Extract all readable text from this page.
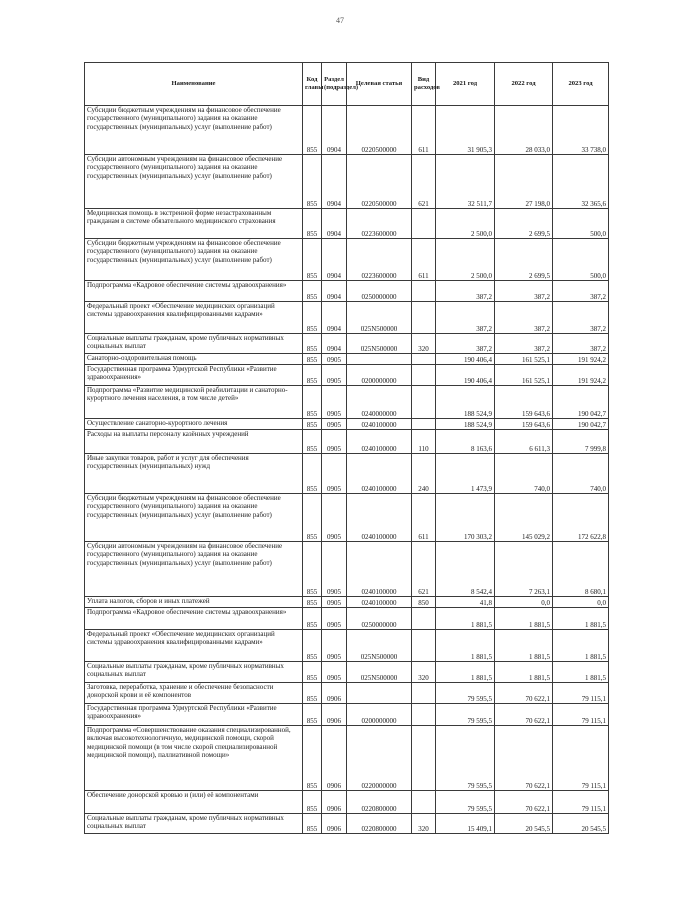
47
Наименование	Код главы	Раздел (подраздел)	Целевая статья	Вид расходов	2021 год	2022 год	2023 год
Субсидии бюджетным учреждениям на финансовое обеспечение государственного (муниципального) задания на оказание государственных (муниципальных) услуг (выполнение работ)	855	0904	0220500000	611	31 905,3	28 033,0	33 738,0
Субсидии автономным учреждениям на финансовое обеспечение государственного (муниципального) задания на оказание государственных (муниципальных) услуг (выполнение работ)	855	0904	0220500000	621	32 511,7	27 198,0	32 365,6
Медицинская помощь в экстренной форме незастрахованным гражданам в системе обязательного медицинского страхования	855	0904	0223600000		2 500,0	2 699,5	500,0
Субсидии бюджетным учреждениям на финансовое обеспечение государственного (муниципального) задания на оказание государственных (муниципальных) услуг (выполнение работ)	855	0904	0223600000	611	2 500,0	2 699,5	500,0
Подпрограмма «Кадровое обеспечение системы здравоохранения»	855	0904	0250000000		387,2	387,2	387,2
Федеральный проект «Обеспечение медицинских организаций системы здравоохранения квалифицированными кадрами»	855	0904	025N500000		387,2	387,2	387,2
Социальные выплаты гражданам, кроме публичных нормативных социальных выплат	855	0904	025N500000	320	387,2	387,2	387,2
Санаторно-оздоровительная помощь	855	0905			190 406,4	161 525,1	191 924,2
Государственная программа Удмуртской Республики «Развитие здравоохранения»	855	0905	0200000000		190 406,4	161 525,1	191 924,2
Подпрограмма «Развитие медицинской реабилитации и санаторно-курортного лечения населения, в том числе детей»	855	0905	0240000000		188 524,9	159 643,6	190 042,7
Осуществление санаторно-курортного лечения	855	0905	0240100000		188 524,9	159 643,6	190 042,7
Расходы на выплаты персоналу казённых учреждений	855	0905	0240100000	110	8 163,6	6 611,3	7 999,8
Иные закупки товаров, работ и услуг для обеспечения государственных (муниципальных) нужд	855	0905	0240100000	240	1 473,9	740,0	740,0
Субсидии бюджетным учреждениям на финансовое обеспечение государственного (муниципального) задания на оказание государственных (муниципальных) услуг (выполнение работ)	855	0905	0240100000	611	170 303,2	145 029,2	172 622,8
Субсидии автономным учреждениям на финансовое обеспечение государственного (муниципального) задания на оказание государственных (муниципальных) услуг (выполнение работ)	855	0905	0240100000	621	8 542,4	7 263,1	8 680,1
Уплата налогов, сборов и иных платежей	855	0905	0240100000	850	41,8	0,0	0,0
Подпрограмма «Кадровое обеспечение системы здравоохранения»	855	0905	0250000000		1 881,5	1 881,5	1 881,5
Федеральный проект «Обеспечение медицинских организаций системы здравоохранения квалифицированными кадрами»	855	0905	025N500000		1 881,5	1 881,5	1 881,5
Социальные выплаты гражданам, кроме публичных нормативных социальных выплат	855	0905	025N500000	320	1 881,5	1 881,5	1 881,5
Заготовка, переработка, хранение и обеспечение безопасности донорской крови и её компонентов	855	0906			79 595,5	70 622,1	79 115,1
Государственная программа Удмуртской Республики «Развитие здравоохранения»	855	0906	0200000000		79 595,5	70 622,1	79 115,1
Подпрограмма «Совершенствование оказания специализированной, включая высокотехнологичную, медицинской помощи, скорой медицинской помощи (в том числе скорой специализированной медицинской помощи), паллиативной помощи»	855	0906	0220000000		79 595,5	70 622,1	79 115,1
Обеспечение донорской кровью и (или) её компонентами	855	0906	0220800000		79 595,5	70 622,1	79 115,1
Социальные выплаты гражданам, кроме публичных нормативных социальных выплат	855	0906	0220800000	320	15 409,1	20 545,5	20 545,5
